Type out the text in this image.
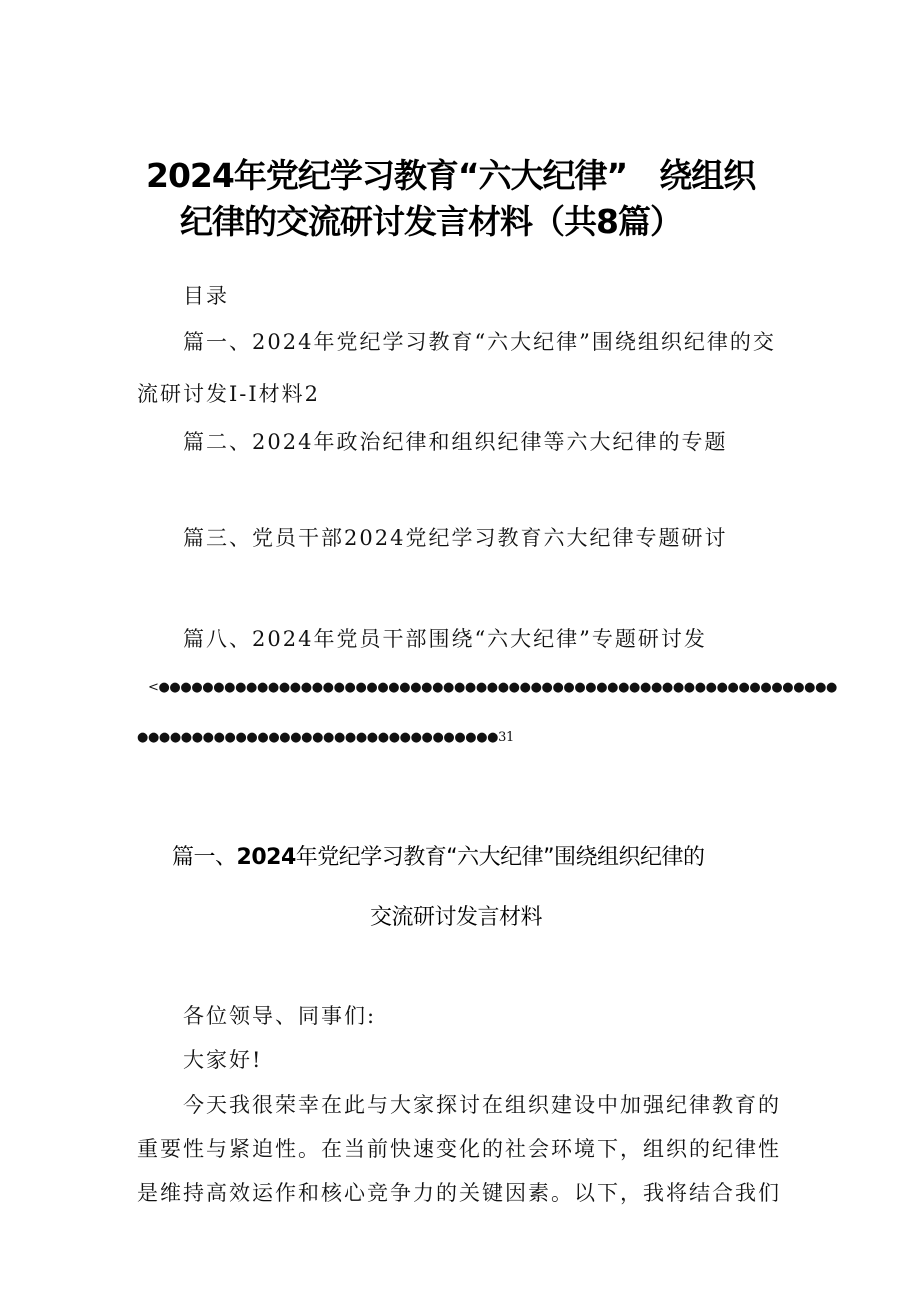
2024年党纪学习教育“六大纪律”　绕组织
纪律的交流研讨发言材料（共8篇）
目录
篇一、2024年党纪学习教育“六大纪律”围绕组织纪律的交
流研讨发I-I材料2
篇二、2024年政治纪律和组织纪律等六大纪律的专题
篇三、党员干部2024党纪学习教育六大纪律专题研讨
篇八、2024年党员干部围绕“六大纪律”专题研讨发
<●●●●●●●●●●●●●●●●●●●●●●●●●●●●●●●●●●●●●●●●●●●●●●●●●●●●●●●●●●●●●●
●●●●●●●●●●●●●●●●●●●●●●●●●●●●●●●●●31
篇一、2024年党纪学习教育“六大纪律”围绕组织纪律的
交流研讨发言材料
各位领导、同事们:
大家好!
今天我很荣幸在此与大家探讨在组织建设中加强纪律教育的
重要性与紧迫性。在当前快速变化的社会环境下，组织的纪律性
是维持高效运作和核心竞争力的关键因素。以下，我将结合我们
